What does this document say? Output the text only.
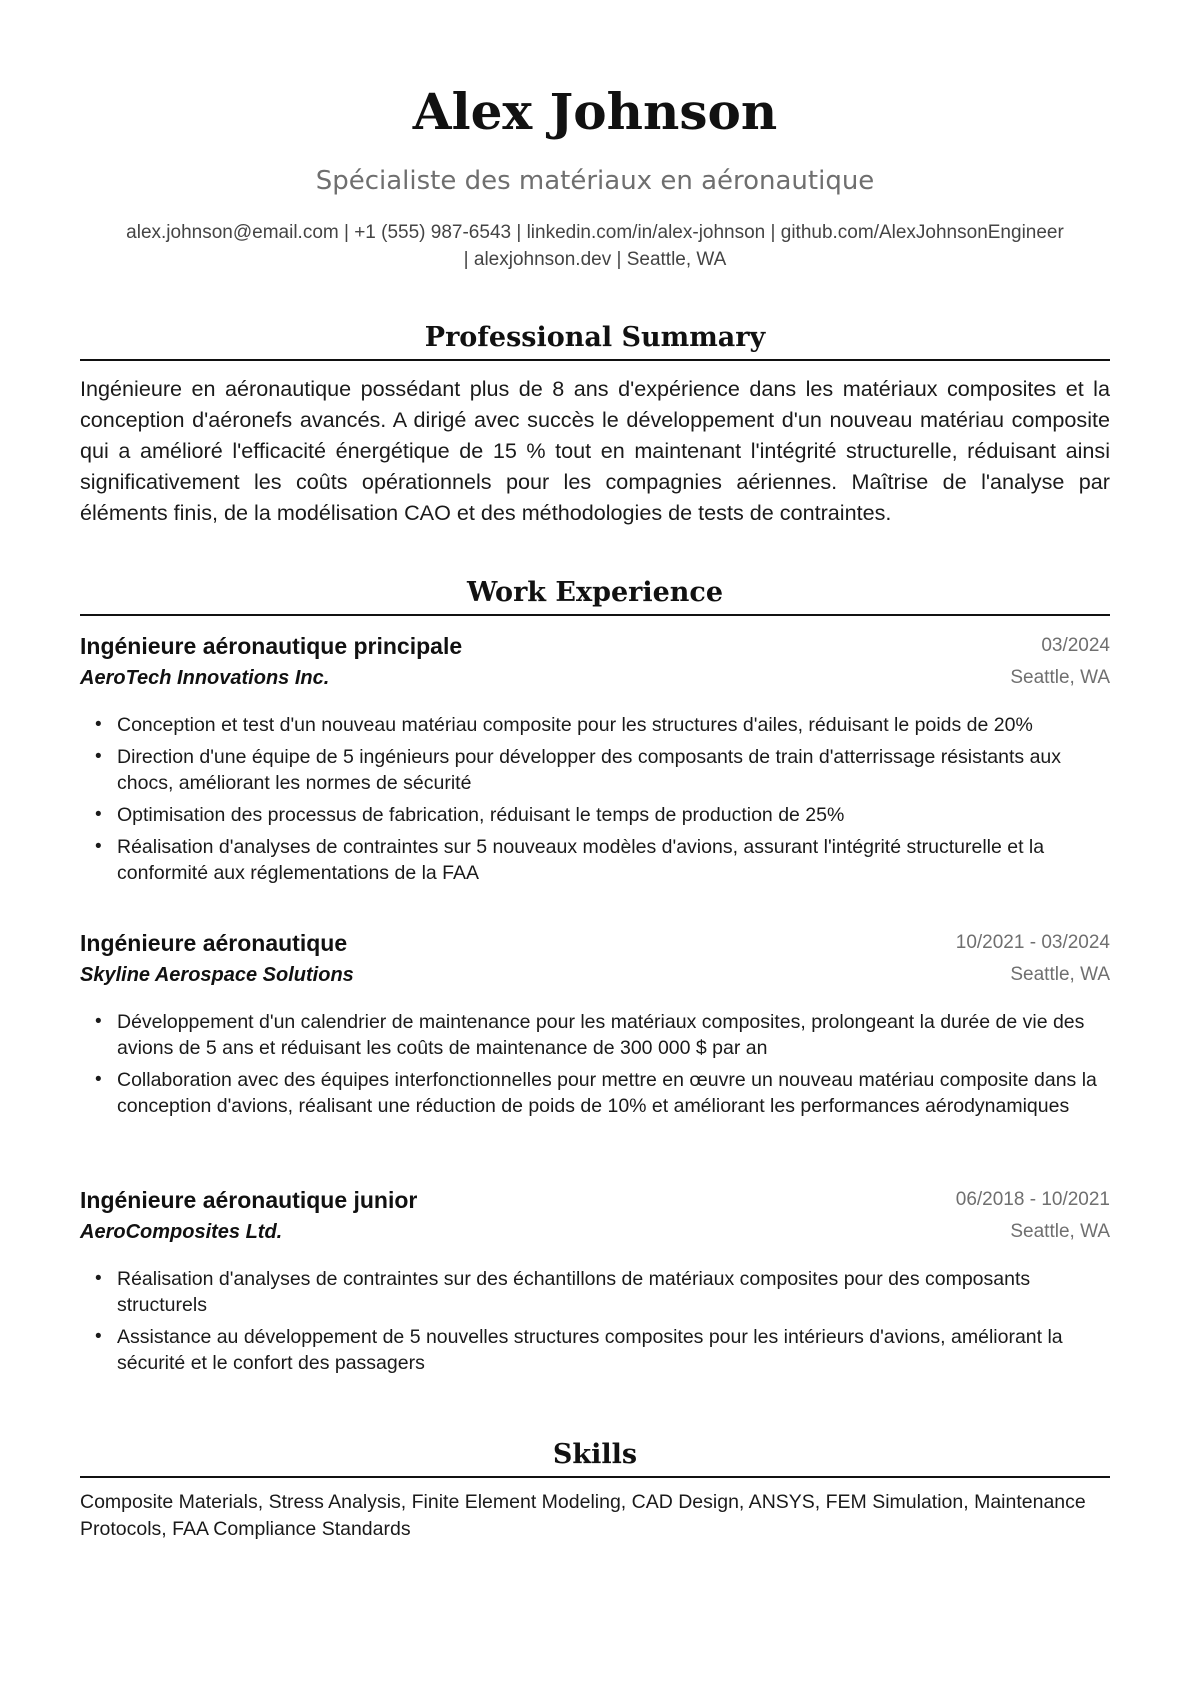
Alex Johnson
Spécialiste des matériaux en aéronautique
alex.johnson@email.com | +1 (555) 987-6543 | linkedin.com/in/alex-johnson | github.com/AlexJohnsonEngineer
| alexjohnson.dev | Seattle, WA
Professional Summary
Ingénieure en aéronautique possédant plus de 8 ans d'expérience dans les matériaux composites et la conception d'aéronefs avancés. A dirigé avec succès le développement d'un nouveau matériau composite qui a amélioré l'efficacité énergétique de 15 % tout en maintenant l'intégrité structurelle, réduisant ainsi significativement les coûts opérationnels pour les compagnies aériennes. Maîtrise de l'analyse par éléments finis, de la modélisation CAO et des méthodologies de tests de contraintes.
Work Experience
Ingénieure aéronautique principale	03/2024
AeroTech Innovations Inc.	Seattle, WA
• Conception et test d'un nouveau matériau composite pour les structures d'ailes, réduisant le poids de 20%
• Direction d'une équipe de 5 ingénieurs pour développer des composants de train d'atterrissage résistants aux chocs, améliorant les normes de sécurité
• Optimisation des processus de fabrication, réduisant le temps de production de 25%
• Réalisation d'analyses de contraintes sur 5 nouveaux modèles d'avions, assurant l'intégrité structurelle et la conformité aux réglementations de la FAA
Ingénieure aéronautique	10/2021 - 03/2024
Skyline Aerospace Solutions	Seattle, WA
• Développement d'un calendrier de maintenance pour les matériaux composites, prolongeant la durée de vie des avions de 5 ans et réduisant les coûts de maintenance de 300 000 $ par an
• Collaboration avec des équipes interfonctionnelles pour mettre en œuvre un nouveau matériau composite dans la conception d'avions, réalisant une réduction de poids de 10% et améliorant les performances aérodynamiques
Ingénieure aéronautique junior	06/2018 - 10/2021
AeroComposites Ltd.	Seattle, WA
• Réalisation d'analyses de contraintes sur des échantillons de matériaux composites pour des composants structurels
• Assistance au développement de 5 nouvelles structures composites pour les intérieurs d'avions, améliorant la sécurité et le confort des passagers
Skills
Composite Materials, Stress Analysis, Finite Element Modeling, CAD Design, ANSYS, FEM Simulation, Maintenance Protocols, FAA Compliance Standards
